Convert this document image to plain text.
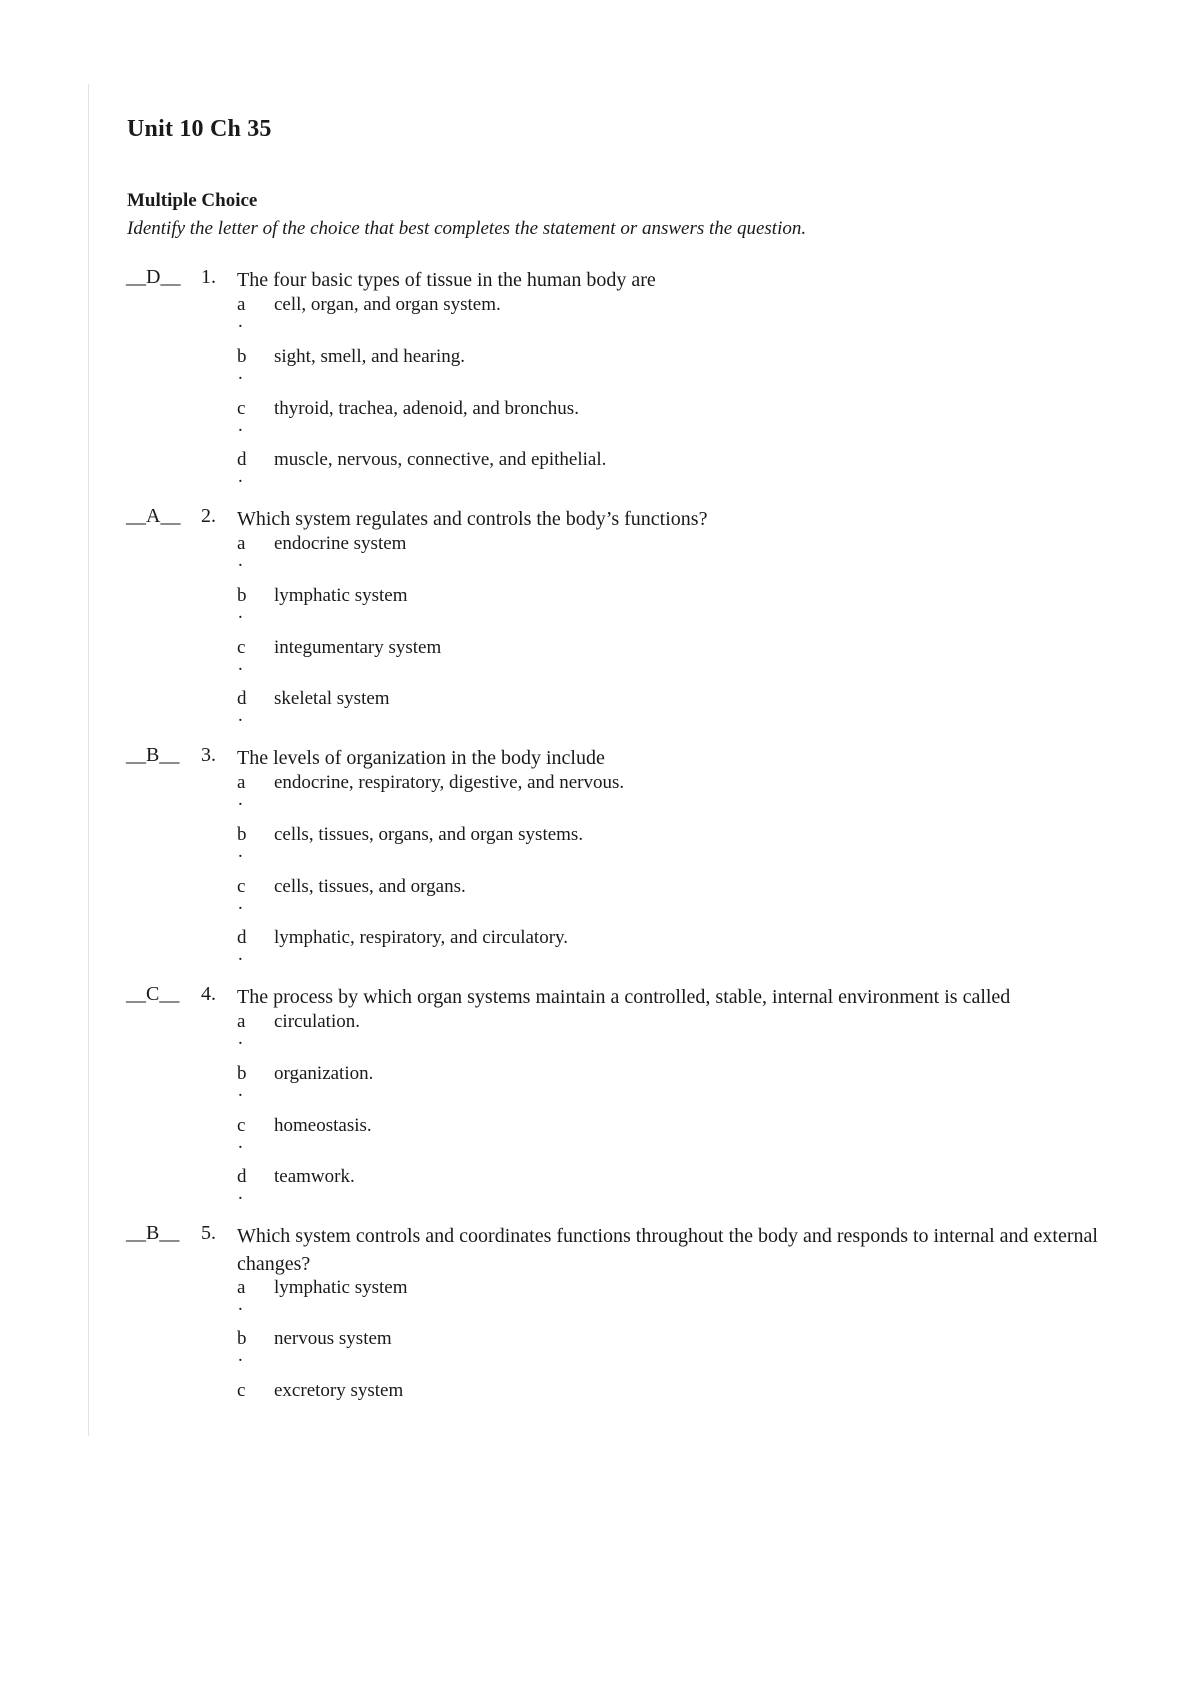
Unit 10 Ch 35
Multiple Choice
Identify the letter of the choice that best completes the statement or answers the question.
__D__ 1. The four basic types of tissue in the human body are
a
.
cell, organ, and organ system.
b
.
sight, smell, and hearing.
c
.
thyroid, trachea, adenoid, and bronchus.
d
.
muscle, nervous, connective, and epithelial.
__A__ 2. Which system regulates and controls the body’s functions?
a
.
endocrine system
b
.
lymphatic system
c
.
integumentary system
d
.
skeletal system
__B__ 3. The levels of organization in the body include
a
.
endocrine, respiratory, digestive, and nervous.
b
.
cells, tissues, organs, and organ systems.
c
.
cells, tissues, and organs.
d
.
lymphatic, respiratory, and circulatory.
__C__ 4. The process by which organ systems maintain a controlled, stable, internal environment is called
a
.
circulation.
b
.
organization.
c
.
homeostasis.
d
.
teamwork.
__B__ 5. Which system controls and coordinates functions throughout the body and responds to internal and external changes?
a
.
lymphatic system
b
.
nervous system
c excretory system
